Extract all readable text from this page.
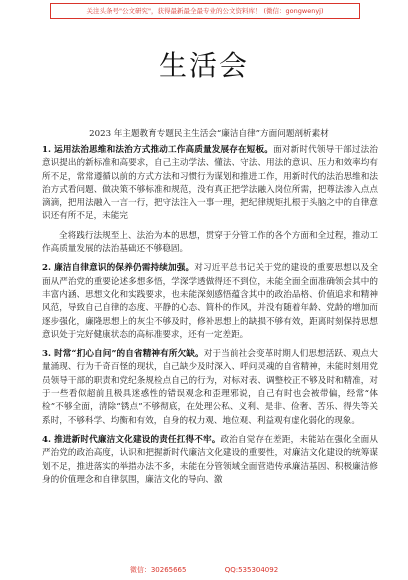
关注头条号"公文研究"，获得最新最全最专业的公文资料库！ (微信：gongwenyj)
生活会
2023 年主题教育专题民主生活会“廉洁自律”方面问题剖析素材

1. 运用法治思维和法治方式推动工作高质量发展存在短板。面对新时代领导干部过法治意识提出的新标准和高要求，自己主动学法、懂法、守法、用法的意识、压力和效率均有所不足，常常遵循以前的方式方法和习惯行为谋划和推进工作，用新时代的法治思维和法治方式看问题、做决策不够标准和规范，没有真正把学法融入岗位所需，把尊法渗入点点滴滴，把用法融入一言一行，把守法注入一事一理，把纪律规矩扎根于头脑之中的自律意识还有所不足，未能完

全将践行法规至上、法治为本的思想，贯穿于分管工作的各个方面和全过程，推动工作高质量发展的法治基础还不够稳固。

2. 廉洁自律意识的保养仍需持续加强。对习近平总书记关于党的建设的重要思想以及全面从严治党的重要论述多想多悟，学深学透做得还不到位，未能全面全面准确领会其中的丰富内涵、思想文化和实践要求，也未能深刻感悟蕴含其中的政治品格、价值追求和精神风范，导致自己自律的态度、平静的心态、简朴的作风，并没有随着年龄、党龄的增加而逐步强化，廉隆思想上的灰尘不够及时，修补思想上的缺损不够有效，距离时刻保持思想意识处于完好健康状态的高标准要求，还有一定差距。

3. 时常“扪心自问”的自省精神有所欠缺。对于当前社会变革时期人们思想活跃、观点大量涌现、行为千奇百怪的现状，自己缺少及时深入、呼问灵魂的自省精神，未能时刻用党员领导干部的职责和党纪条规检点自己的行为，对标对表、调整校正不够及时和精准，对于一些看似超前且极具迷惑性的错误观念和歪理邪说，自己有时也会被带偏，经常“体检”不够全面，清除“锈点”不够彻底，在处理公私、义利、是非、俭奢、苦乐、得失等关系时，不够科学、均衡和有效，自身的权力观、地位观、利益观有虚化弱化的现象。

4. 推进新时代廉洁文化建设的责任扛得不牢。政治自觉存在差距，未能站在强化全面从严治党的政治高度，认识和把握新时代廉洁文化建设的重要性，对廉洁文化建设的统筹谋划不足，推进落实的举措办法不多，未能在分管领域全面营造传承廉洁基因、积极廉洁修身的价值理念和自律氛围，廉洁文化的导向、激

微信：30265665	QQ:535304092
